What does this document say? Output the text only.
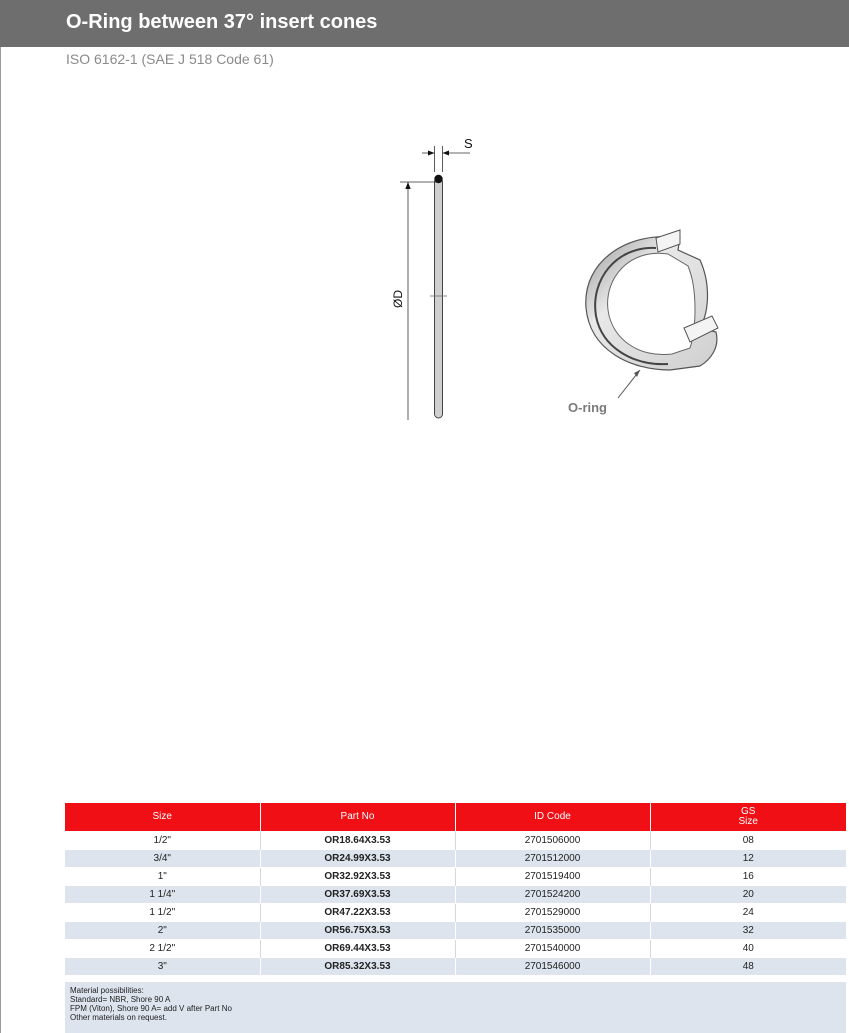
O-Ring between 37° insert cones
ISO 6162-1 (SAE J 518 Code 61)
S
ØD
O-ring
Size	Part No	ID Code	GS
Size
1/2"	OR18.64X3.53	2701506000	08
3/4"	OR24.99X3.53	2701512000	12
1"	OR32.92X3.53	2701519400	16
1 1/4"	OR37.69X3.53	2701524200	20
1 1/2"	OR47.22X3.53	2701529000	24
2"	OR56.75X3.53	2701535000	32
2 1/2"	OR69.44X3.53	2701540000	40
3"	OR85.32X3.53	2701546000	48
Material possibilities:
Standard= NBR, Shore 90 A
FPM (Viton), Shore 90 A= add V after Part No
Other materials on request.
